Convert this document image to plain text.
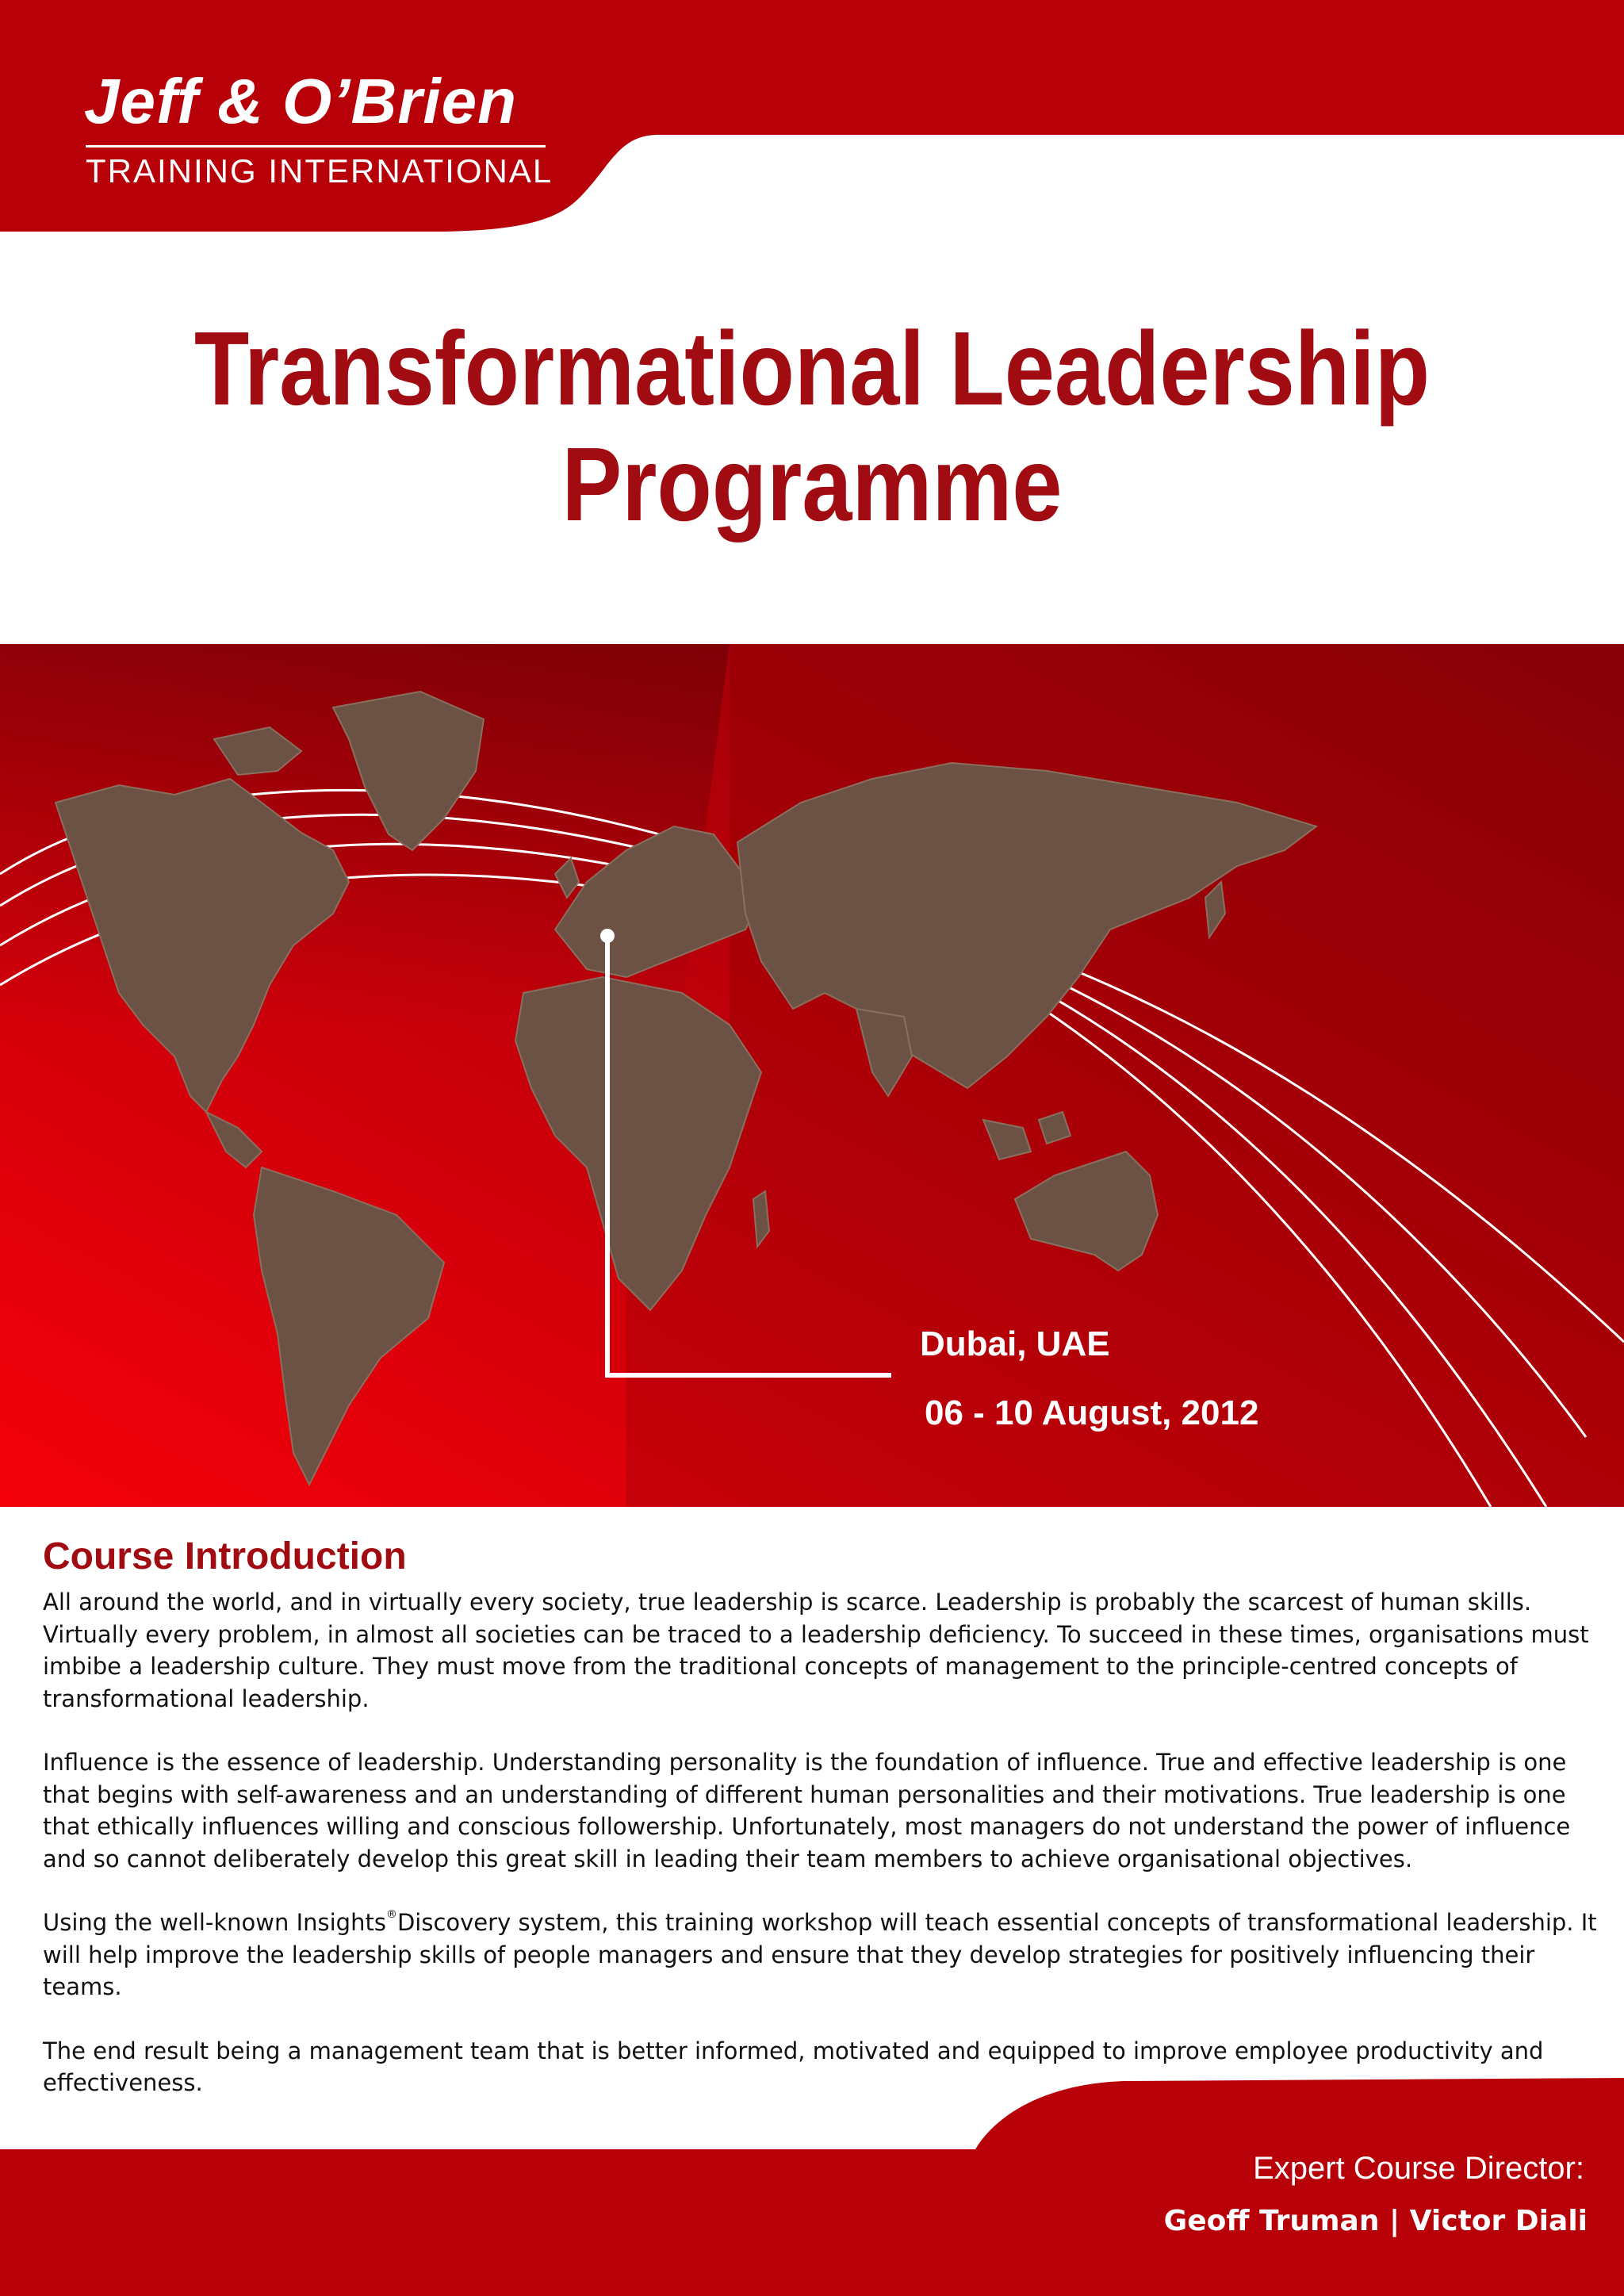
Jeff & O’Brien
TRAINING INTERNATIONAL
Transformational Leadership
Programme
Dubai, UAE
06 - 10 August, 2012
Course Introduction

All around the world, and in virtually every society, true leadership is scarce. Leadership is probably the scarcest of human skills. Virtually every problem, in almost all societies can be traced to a leadership deficiency. To succeed in these times, organisations must imbibe a leadership culture. They must move from the traditional concepts of management to the principle-centred concepts of transformational leadership.

Influence is the essence of leadership. Understanding personality is the foundation of influence. True and effective leadership is one that begins with self-awareness and an understanding of different human personalities and their motivations. True leadership is one that ethically influences willing and conscious followership. Unfortunately, most managers do not understand the power of influence and so cannot deliberately develop this great skill in leading their team members to achieve organisational objectives.

Using the well-known Insights®Discovery system, this training workshop will teach essential concepts of transformational leadership. It will help improve the leadership skills of people managers and ensure that they develop strategies for positively influencing their teams.

The end result being a management team that is better informed, motivated and equipped to improve employee productivity and effectiveness.

Expert Course Director:
Geoff Truman | Victor Diali
